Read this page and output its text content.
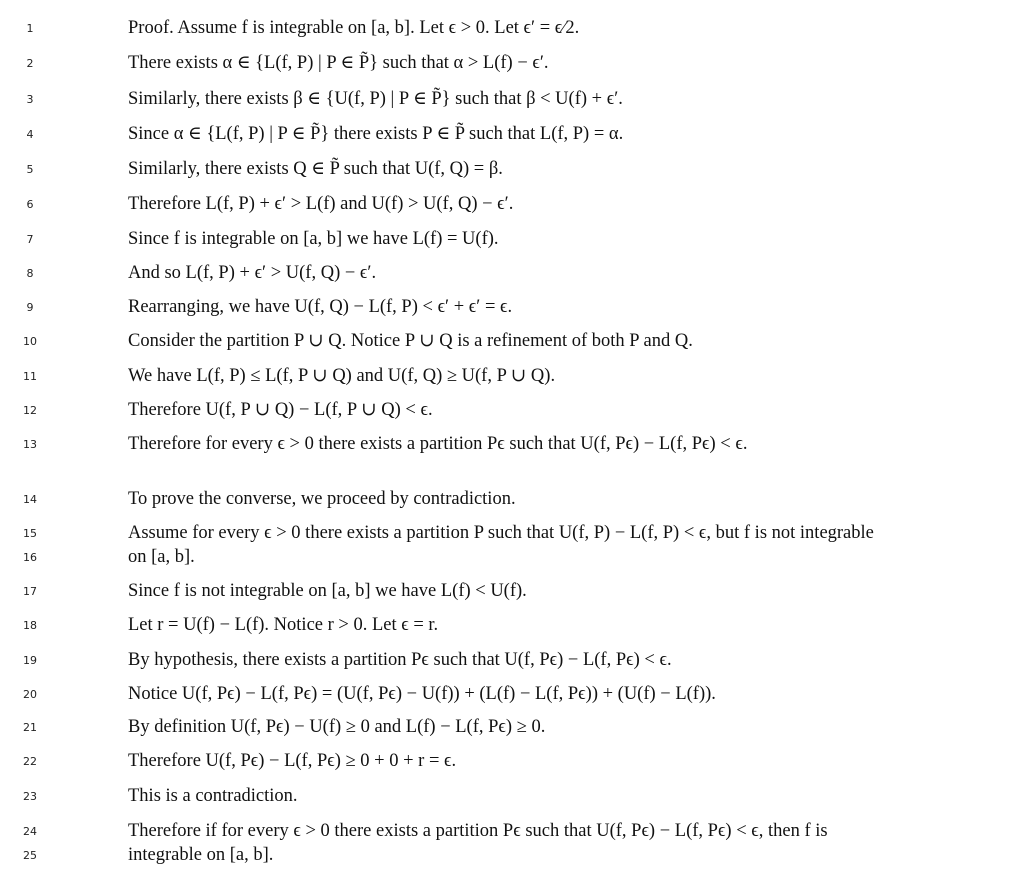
1	Proof. Assume f is integrable on [a, b]. Let ϵ > 0. Let ϵ′ = ϵ⁄2.
2	There exists α ∈ {L(f, P) | P ∈ P̃} such that α > L(f) − ϵ′.
3	Similarly, there exists β ∈ {U(f, P) | P ∈ P̃} such that β < U(f) + ϵ′.
4	Since α ∈ {L(f, P) | P ∈ P̃} there exists P ∈ P̃ such that L(f, P) = α.
5	Similarly, there exists Q ∈ P̃ such that U(f, Q) = β.
6	Therefore L(f, P) + ϵ′ > L(f) and U(f) > U(f, Q) − ϵ′.
7	Since f is integrable on [a, b] we have L(f) = U(f).
8	And so L(f, P) + ϵ′ > U(f, Q) − ϵ′.
9	Rearranging, we have U(f, Q) − L(f, P) < ϵ′ + ϵ′ = ϵ.
10	Consider the partition P ∪ Q. Notice P ∪ Q is a refinement of both P and Q.
11	We have L(f, P) ≤ L(f, P ∪ Q) and U(f, Q) ≥ U(f, P ∪ Q).
12	Therefore U(f, P ∪ Q) − L(f, P ∪ Q) < ϵ.
13	Therefore for every ϵ > 0 there exists a partition Pϵ such that U(f, Pϵ) − L(f, Pϵ) < ϵ.
14	To prove the converse, we proceed by contradiction.
15	Assume for every ϵ > 0 there exists a partition P such that U(f, P) − L(f, P) < ϵ, but f is not integrable
16	on [a, b].
17	Since f is not integrable on [a, b] we have L(f) < U(f).
18	Let r = U(f) − L(f). Notice r > 0. Let ϵ = r.
19	By hypothesis, there exists a partition Pϵ such that U(f, Pϵ) − L(f, Pϵ) < ϵ.
20	Notice U(f, Pϵ) − L(f, Pϵ) = (U(f, Pϵ) − U(f)) + (L(f) − L(f, Pϵ)) + (U(f) − L(f)).
21	By definition U(f, Pϵ) − U(f) ≥ 0 and L(f) − L(f, Pϵ) ≥ 0.
22	Therefore U(f, Pϵ) − L(f, Pϵ) ≥ 0 + 0 + r = ϵ.
23	This is a contradiction.
24	Therefore if for every ϵ > 0 there exists a partition Pϵ such that U(f, Pϵ) − L(f, Pϵ) < ϵ, then f is
25	integrable on [a, b].
